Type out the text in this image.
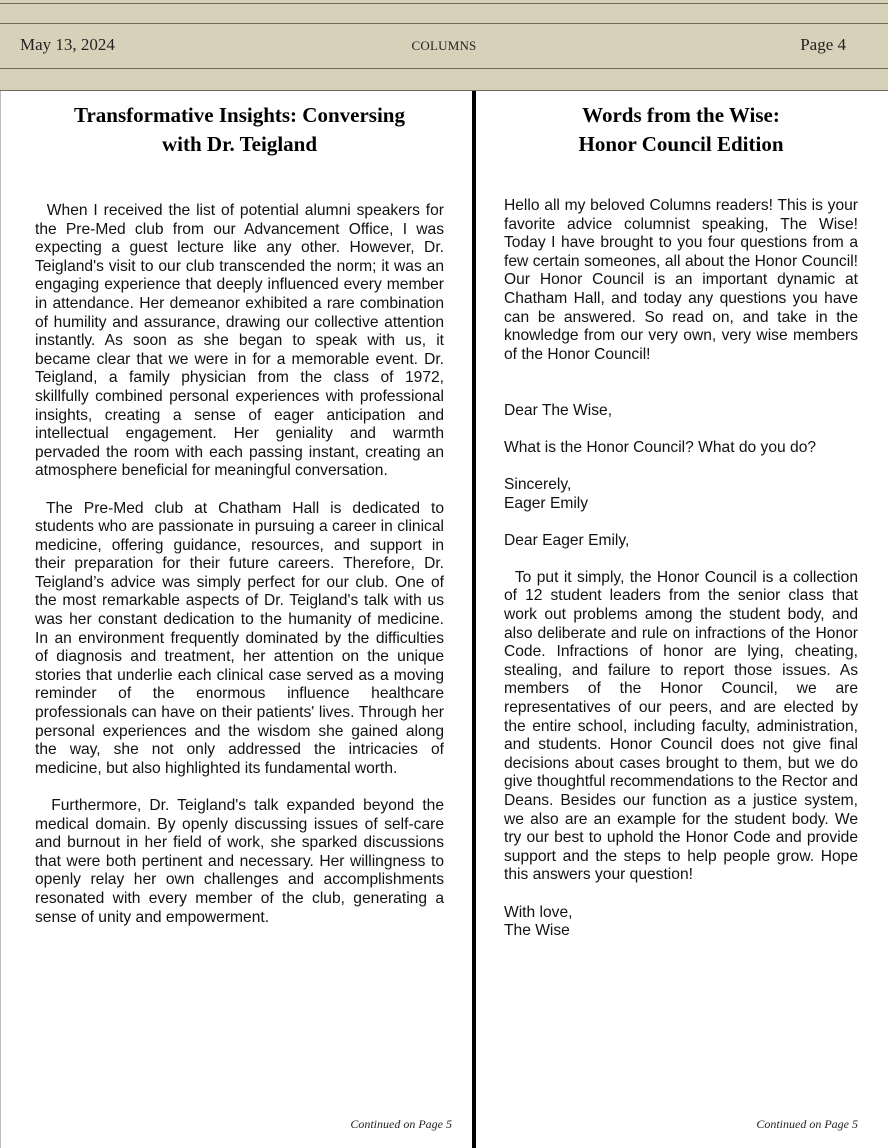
May 13, 2024	COLUMNS	Page 4
Transformative Insights: Conversing
with Dr. Teigland

When I received the list of potential alumni speakers for the Pre-Med club from our Advancement Office, I was expecting a guest lecture like any other. However, Dr. Teigland's visit to our club transcended the norm; it was an engaging experience that deeply influenced every member in attendance. Her demeanor exhibited a rare combination of humility and assurance, drawing our collective attention instantly. As soon as she began to speak with us, it became clear that we were in for a memorable event. Dr. Teigland, a family physician from the class of 1972, skillfully combined personal experiences with professional insights, creating a sense of eager anticipation and intellectual engagement. Her geniality and warmth pervaded the room with each passing instant, creating an atmosphere beneficial for meaningful conversation.

The Pre-Med club at Chatham Hall is dedicated to students who are passionate in pursuing a career in clinical medicine, offering guidance, resources, and support in their preparation for their future careers. Therefore, Dr. Teigland’s advice was simply perfect for our club. One of the most remarkable aspects of Dr. Teigland's talk with us was her constant dedication to the humanity of medicine. In an environment frequently dominated by the difficulties of diagnosis and treatment, her attention on the unique stories that underlie each clinical case served as a moving reminder of the enormous influence healthcare professionals can have on their patients' lives. Through her personal experiences and the wisdom she gained along the way, she not only addressed the intricacies of medicine, but also highlighted its fundamental worth.

Furthermore, Dr. Teigland's talk expanded beyond the medical domain. By openly discussing issues of self-care and burnout in her field of work, she sparked discussions that were both pertinent and necessary. Her willingness to openly relay her own challenges and accomplishments resonated with every member of the club, generating a sense of unity and empowerment.

Words from the Wise:
Honor Council Edition

Hello all my beloved Columns readers! This is your favorite advice columnist speaking, The Wise! Today I have brought to you four questions from a few certain someones, all about the Honor Council! Our Honor Council is an important dynamic at Chatham Hall, and today any questions you have can be answered. So read on, and take in the knowledge from our very own, very wise members of the Honor Council!

Dear The Wise,

What is the Honor Council? What do you do?

Sincerely,

Eager Emily

Dear Eager Emily,

To put it simply, the Honor Council is a collection of 12 student leaders from the senior class that work out problems among the student body, and also deliberate and rule on infractions of the Honor Code. Infractions of honor are lying, cheating, stealing, and failure to report those issues. As members of the Honor Council, we are representatives of our peers, and are elected by the entire school, including faculty, administration, and students. Honor Council does not give final decisions about cases brought to them, but we do give thoughtful recommendations to the Rector and Deans. Besides our function as a justice system, we also are an example for the student body. We try our best to uphold the Honor Code and provide support and the steps to help people grow. Hope this answers your question!

With love,

The Wise

Continued on Page 5	Continued on Page 5
